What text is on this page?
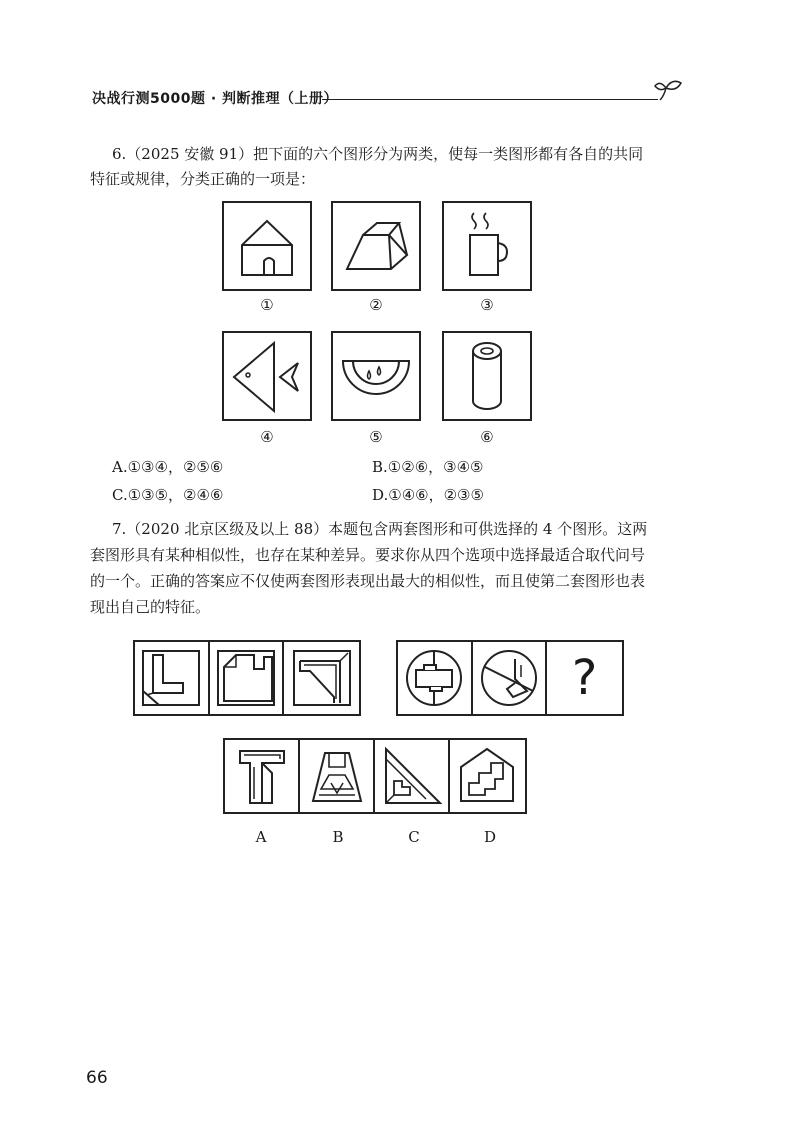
决战行测5000题 · 判断推理（上册）
6.（2025 安徽 91）把下面的六个图形分为两类，使每一类图形都有各自的共同
特征或规律，分类正确的一项是：
①	②	③
④	⑤	⑥
A.①③④，②⑤⑥	B.①②⑥，③④⑤
C.①③⑤，②④⑥	D.①④⑥，②③⑤
7.（2020 北京区级及以上 88）本题包含两套图形和可供选择的 4 个图形。这两
套图形具有某种相似性，也存在某种差异。要求你从四个选项中选择最适合取代问号
的一个。正确的答案应不仅使两套图形表现出最大的相似性，而且使第二套图形也表
现出自己的特征。
?
A	B	C	D
66
